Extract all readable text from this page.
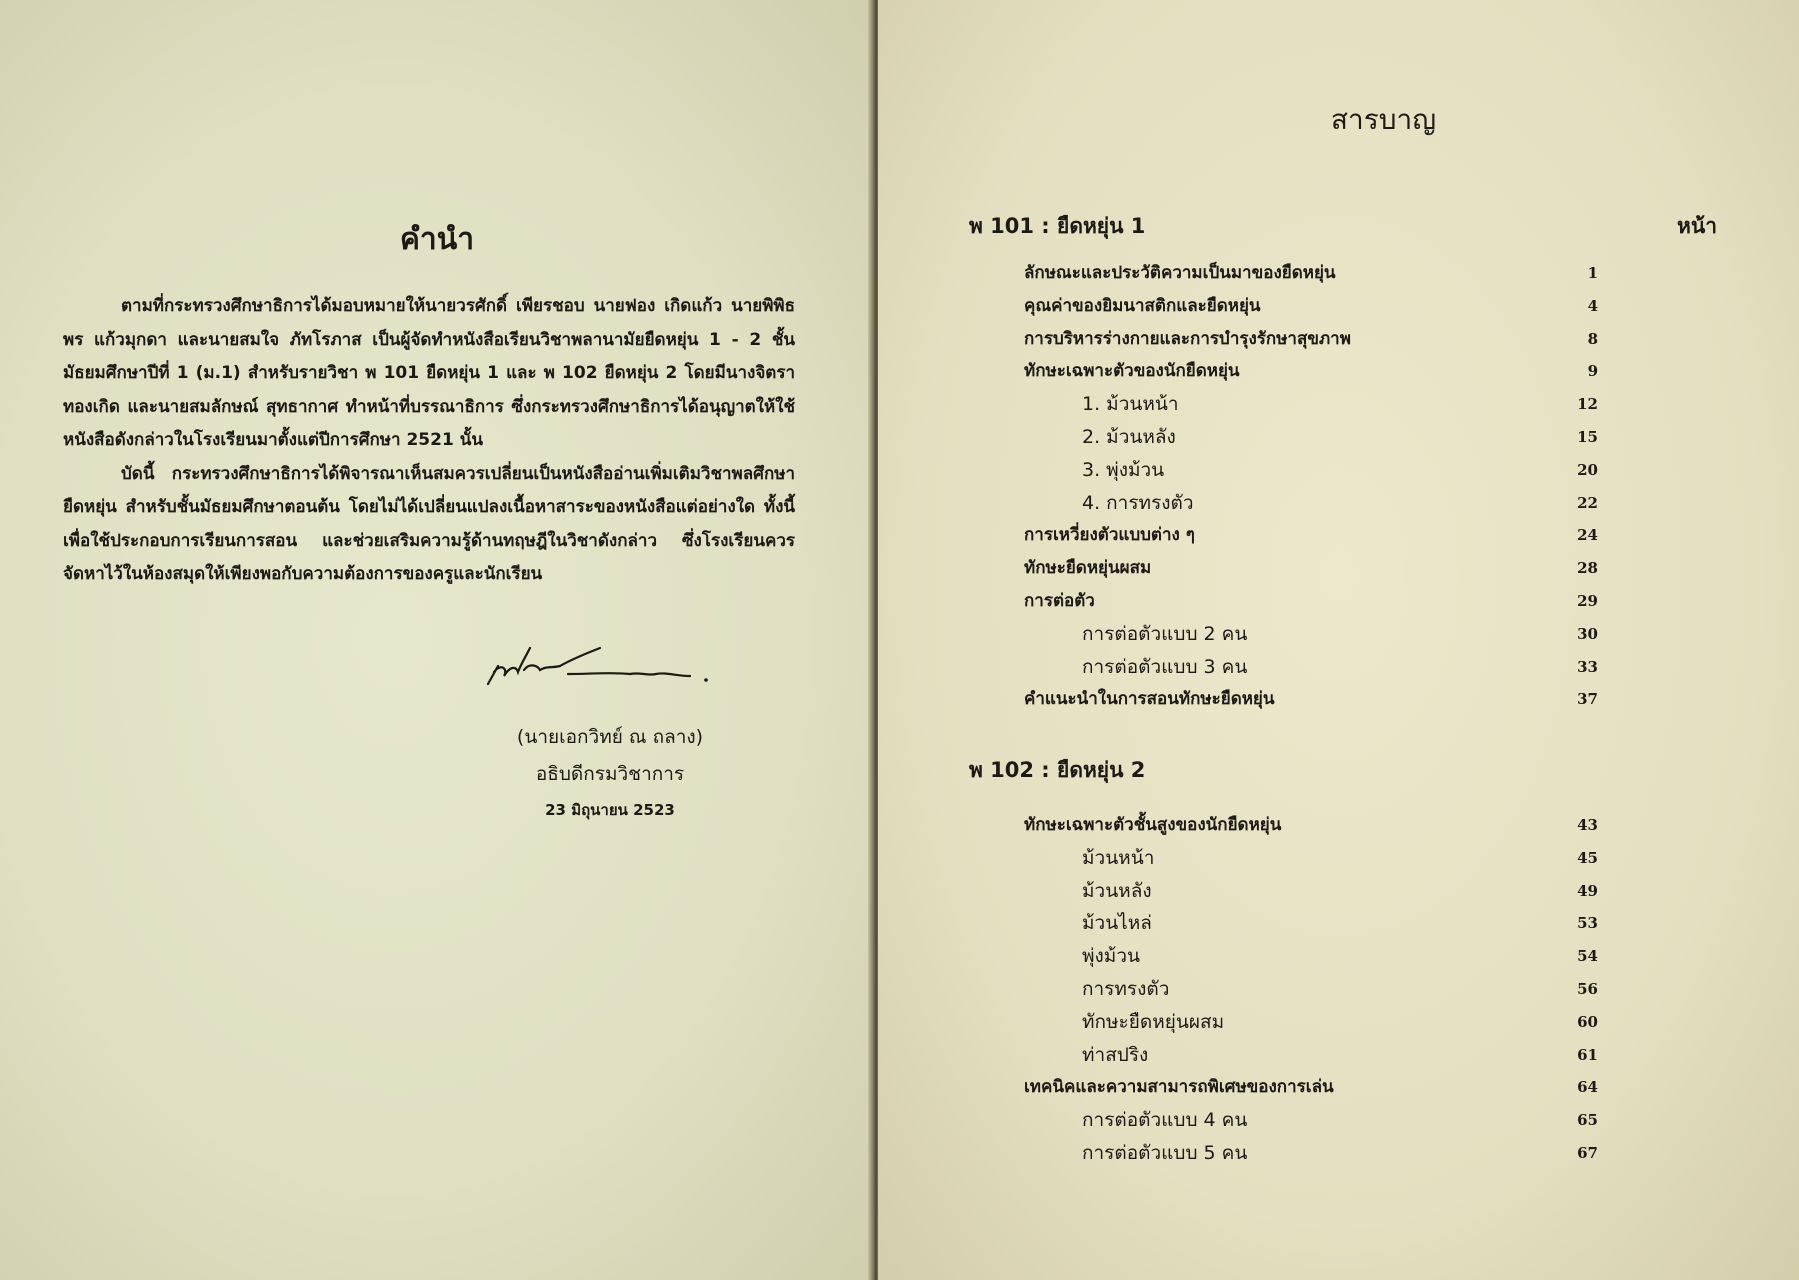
คำนำ

ตามที่กระทรวงศึกษาธิการได้มอบหมายให้นายวรศักดิ์ เพียรชอบ นายฟอง เกิดแก้ว นายพิพิธพร แก้วมุกดา และนายสมใจ ภัทโรภาส เป็นผู้จัดทำหนังสือเรียนวิชาพลานามัยยืดหยุ่น 1 - 2 ชั้นมัธยมศึกษาปีที่ 1 (ม.1) สำหรับรายวิชา พ 101 ยืดหยุ่น 1 และ พ 102 ยืดหยุ่น 2 โดยมีนางจิตรา ทองเกิด และนายสมลักษณ์ สุทธากาศ ทำหน้าที่บรรณาธิการ ซึ่งกระทรวงศึกษาธิการได้อนุญาตให้ใช้หนังสือดังกล่าวในโรงเรียนมาตั้งแต่ปีการศึกษา 2521 นั้น

บัดนี้ กระทรวงศึกษาธิการได้พิจารณาเห็นสมควรเปลี่ยนเป็นหนังสืออ่านเพิ่มเติมวิชาพลศึกษายืดหยุ่น สำหรับชั้นมัธยมศึกษาตอนต้น โดยไม่ได้เปลี่ยนแปลงเนื้อหาสาระของหนังสือแต่อย่างใด ทั้งนี้เพื่อใช้ประกอบการเรียนการสอน และช่วยเสริมความรู้ด้านทฤษฎีในวิชาดังกล่าว ซึ่งโรงเรียนควรจัดหาไว้ในห้องสมุดให้เพียงพอกับความต้องการของครูและนักเรียน

(นายเอกวิทย์ ณ ถลาง)
อธิบดีกรมวิชาการ
23 มิถุนายน 2523
สารบาญ
พ 101 : ยืดหยุ่น 1	หน้า
ลักษณะและประวัติความเป็นมาของยืดหยุ่น	1
คุณค่าของยิมนาสติกและยืดหยุ่น	4
การบริหารร่างกายและการบำรุงรักษาสุขภาพ	8
ทักษะเฉพาะตัวของนักยืดหยุ่น	9
1. ม้วนหน้า	12
2. ม้วนหลัง	15
3. พุ่งม้วน	20
4. การทรงตัว	22
การเหวี่ยงตัวแบบต่าง ๆ	24
ทักษะยืดหยุ่นผสม	28
การต่อตัว	29
การต่อตัวแบบ 2 คน	30
การต่อตัวแบบ 3 คน	33
คำแนะนำในการสอนทักษะยืดหยุ่น	37
พ 102 : ยืดหยุ่น 2
ทักษะเฉพาะตัวชั้นสูงของนักยืดหยุ่น	43
ม้วนหน้า	45
ม้วนหลัง	49
ม้วนไหล่	53
พุ่งม้วน	54
การทรงตัว	56
ทักษะยืดหยุ่นผสม	60
ท่าสปริง	61
เทคนิคและความสามารถพิเศษของการเล่น	64
การต่อตัวแบบ 4 คน	65
การต่อตัวแบบ 5 คน	67
